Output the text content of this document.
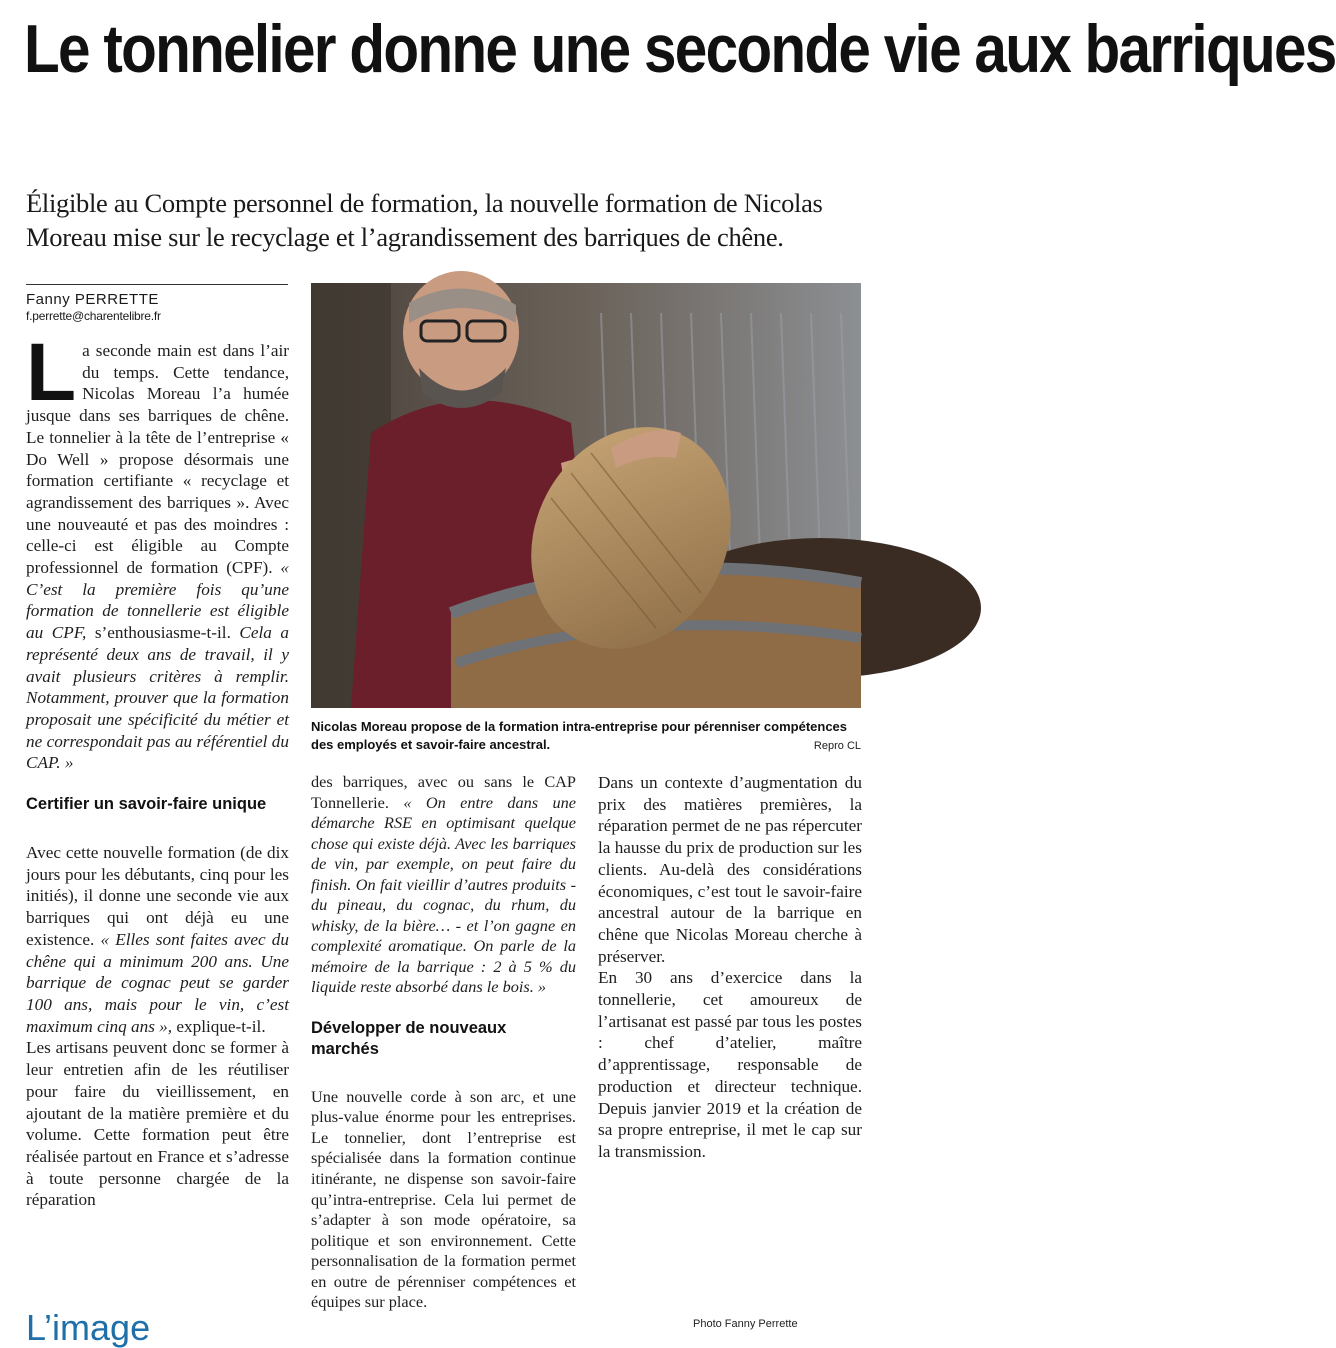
Le tonnelier donne une seconde vie aux barriques

Éligible au Compte personnel de formation, la nouvelle formation de Nicolas Moreau mise sur le recyclage et l’agrandissement des barriques de chêne.

Fanny PERRETTE
f.perrette@charentelibre.fr

La seconde main est dans l’air du temps. Cette tendance, Nicolas Moreau l’a humée jusque dans ses barriques de chêne. Le tonnelier à la tête de l’entreprise « Do Well » propose désormais une formation certifiante « recyclage et agrandissement des barriques ». Avec une nouveauté et pas des moindres : celle-ci est éligible au Compte professionnel de formation (CPF). « C’est la première fois qu’une formation de tonnellerie est éligible au CPF, s’enthousiasme-t-il. Cela a représenté deux ans de travail, il y avait plusieurs critères à remplir. Notamment, prouver que la formation proposait une spécificité du métier et ne correspondait pas au référentiel du CAP. »

Certifier un savoir-faire unique

Avec cette nouvelle formation (de dix jours pour les débutants, cinq pour les initiés), il donne une seconde vie aux barriques qui ont déjà eu une existence. « Elles sont faites avec du chêne qui a minimum 200 ans. Une barrique de cognac peut se garder 100 ans, mais pour le vin, c’est maximum cinq ans », explique-t-il.

Les artisans peuvent donc se former à leur entretien afin de les réutiliser pour faire du vieillissement, en ajoutant de la matière première et du volume. Cette formation peut être réalisée partout en France et s’adresse à toute personne chargée de la réparation

Nicolas Moreau propose de la formation intra-entreprise pour pérenniser compétences des employés et savoir-faire ancestral.	Repro CL

des barriques, avec ou sans le CAP Tonnellerie. « On entre dans une démarche RSE en optimisant quelque chose qui existe déjà. Avec les barriques de vin, par exemple, on peut faire du finish. On fait vieillir d’autres produits - du pineau, du cognac, du rhum, du whisky, de la bière… - et l’on gagne en complexité aromatique. On parle de la mémoire de la barrique : 2 à 5 % du liquide reste absorbé dans le bois. »

Développer de nouveaux marchés

Une nouvelle corde à son arc, et une plus-value énorme pour les entreprises. Le tonnelier, dont l’entreprise est spécialisée dans la formation continue itinérante, ne dispense son savoir-faire qu’intra-entreprise. Cela lui permet de s’adapter à son mode opératoire, sa politique et son environnement. Cette personnalisation de la formation permet en outre de pérenniser compétences et équipes sur place.

Dans un contexte d’augmentation du prix des matières premières, la réparation permet de ne pas répercuter la hausse du prix de production sur les clients. Au-delà des considérations économiques, c’est tout le savoir-faire ancestral autour de la barrique en chêne que Nicolas Moreau cherche à préserver.

En 30 ans d’exercice dans la tonnellerie, cet amoureux de l’artisanat est passé par tous les postes : chef d’atelier, maître d’apprentissage, responsable de production et directeur technique. Depuis janvier 2019 et la création de sa propre entreprise, il met le cap sur la transmission.

Photo Fanny Perrette
L’image
